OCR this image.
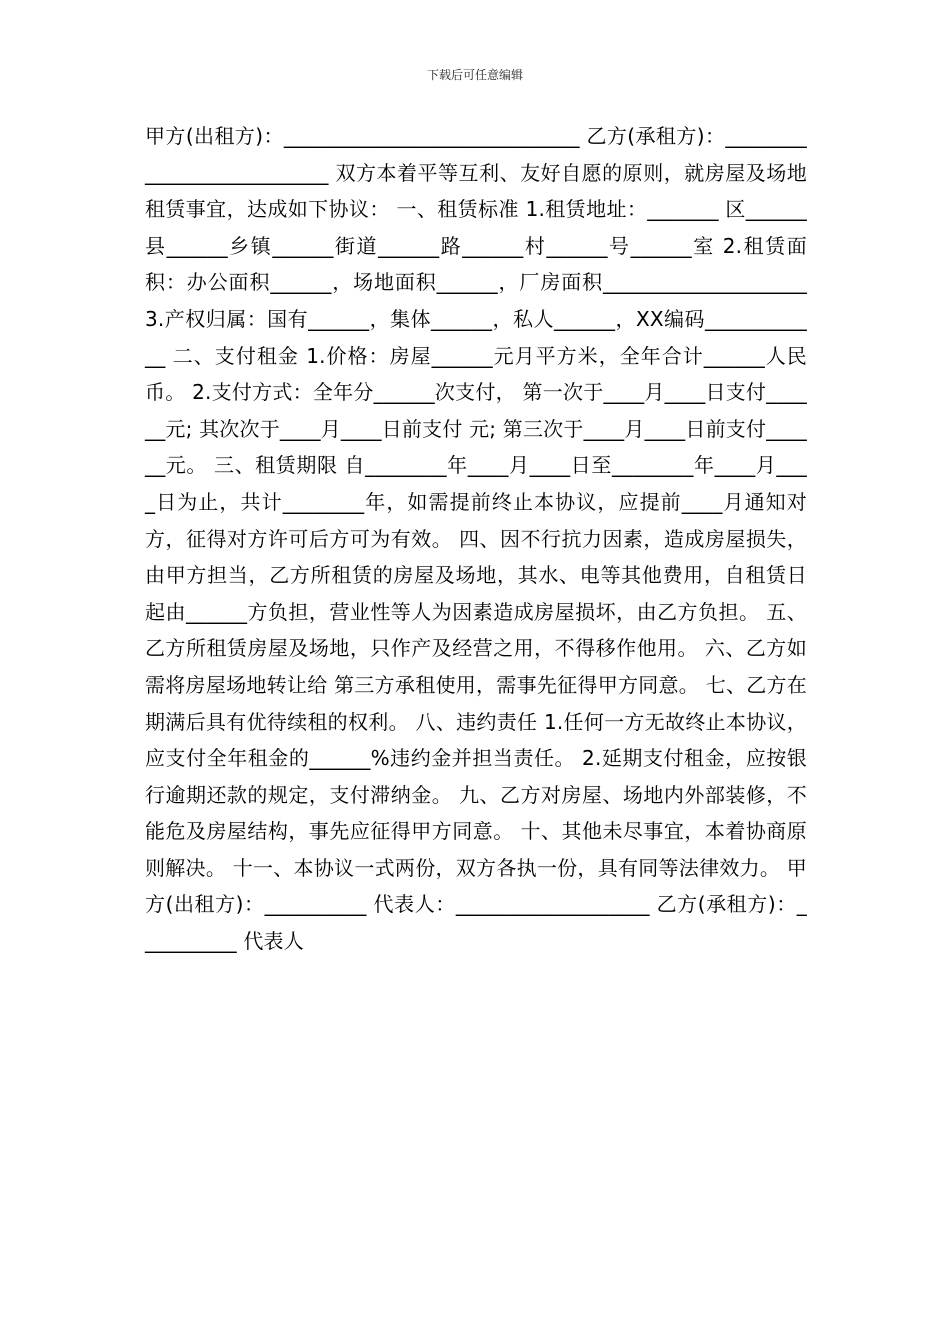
下载后可任意编辑

甲方(出租方)：_____________________________ 乙方(承租方)：__________________________ 双方本着平等互利、友好自愿的原则，就房屋及场地租赁事宜，达成如下协议： 一、租赁标准 1.租赁地址：_______ 区______县______乡镇______街道______路______村______号______室 2.租赁面积：办公面积______，场地面积______，厂房面积____________________ 3.产权归属：国有______，集体______，私人______，XX编码____________ 二、支付租金 1.价格：房屋______元月平方米，全年合计______人民币。 2.支付方式：全年分______次支付， 第一次于____月____日支付______元; 其次次于____月____日前支付 元; 第三次于____月____日前支付______元。 三、租赁期限 自________年____月____日至________年____月____日为止，共计________年，如需提前终止本协议，应提前____月通知对方，征得对方许可后方可为有效。 四、因不行抗力因素，造成房屋损失，由甲方担当，乙方所租赁的房屋及场地，其水、电等其他费用，自租赁日起由______方负担，营业性等人为因素造成房屋损坏，由乙方负担。 五、乙方所租赁房屋及场地，只作产及经营之用，不得移作他用。 六、乙方如需将房屋场地转让给 第三方承租使用，需事先征得甲方同意。 七、乙方在期满后具有优待续租的权利。 八、违约责任 1.任何一方无故终止本协议，应支付全年租金的______%违约金并担当责任。 2.延期支付租金，应按银行逾期还款的规定，支付滞纳金。 九、乙方对房屋、场地内外部装修，不能危及房屋结构，事先应征得甲方同意。 十、其他未尽事宜，本着协商原则解决。 十一、本协议一式两份，双方各执一份，具有同等法律效力。 甲方(出租方)：__________ 代表人：___________________ 乙方(承租方)：__________ 代表人
